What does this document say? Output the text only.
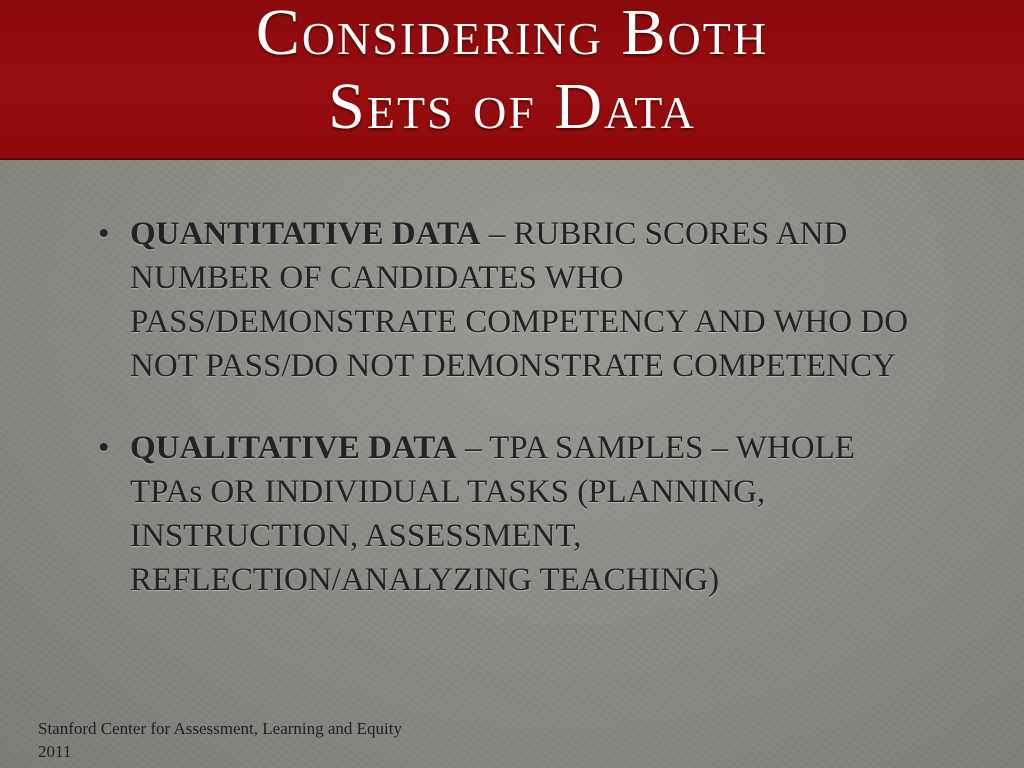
Considering Both
Sets of Data
• QUANTITATIVE DATA – RUBRIC SCORES AND NUMBER OF CANDIDATES WHO PASS/DEMONSTRATE COMPETENCY AND WHO DO NOT PASS/DO NOT DEMONSTRATE COMPETENCY
• QUALITATIVE DATA – TPA SAMPLES – WHOLE TPAs OR INDIVIDUAL TASKS (PLANNING, INSTRUCTION, ASSESSMENT, REFLECTION/ANALYZING TEACHING)
Stanford Center for Assessment, Learning and Equity
2011
